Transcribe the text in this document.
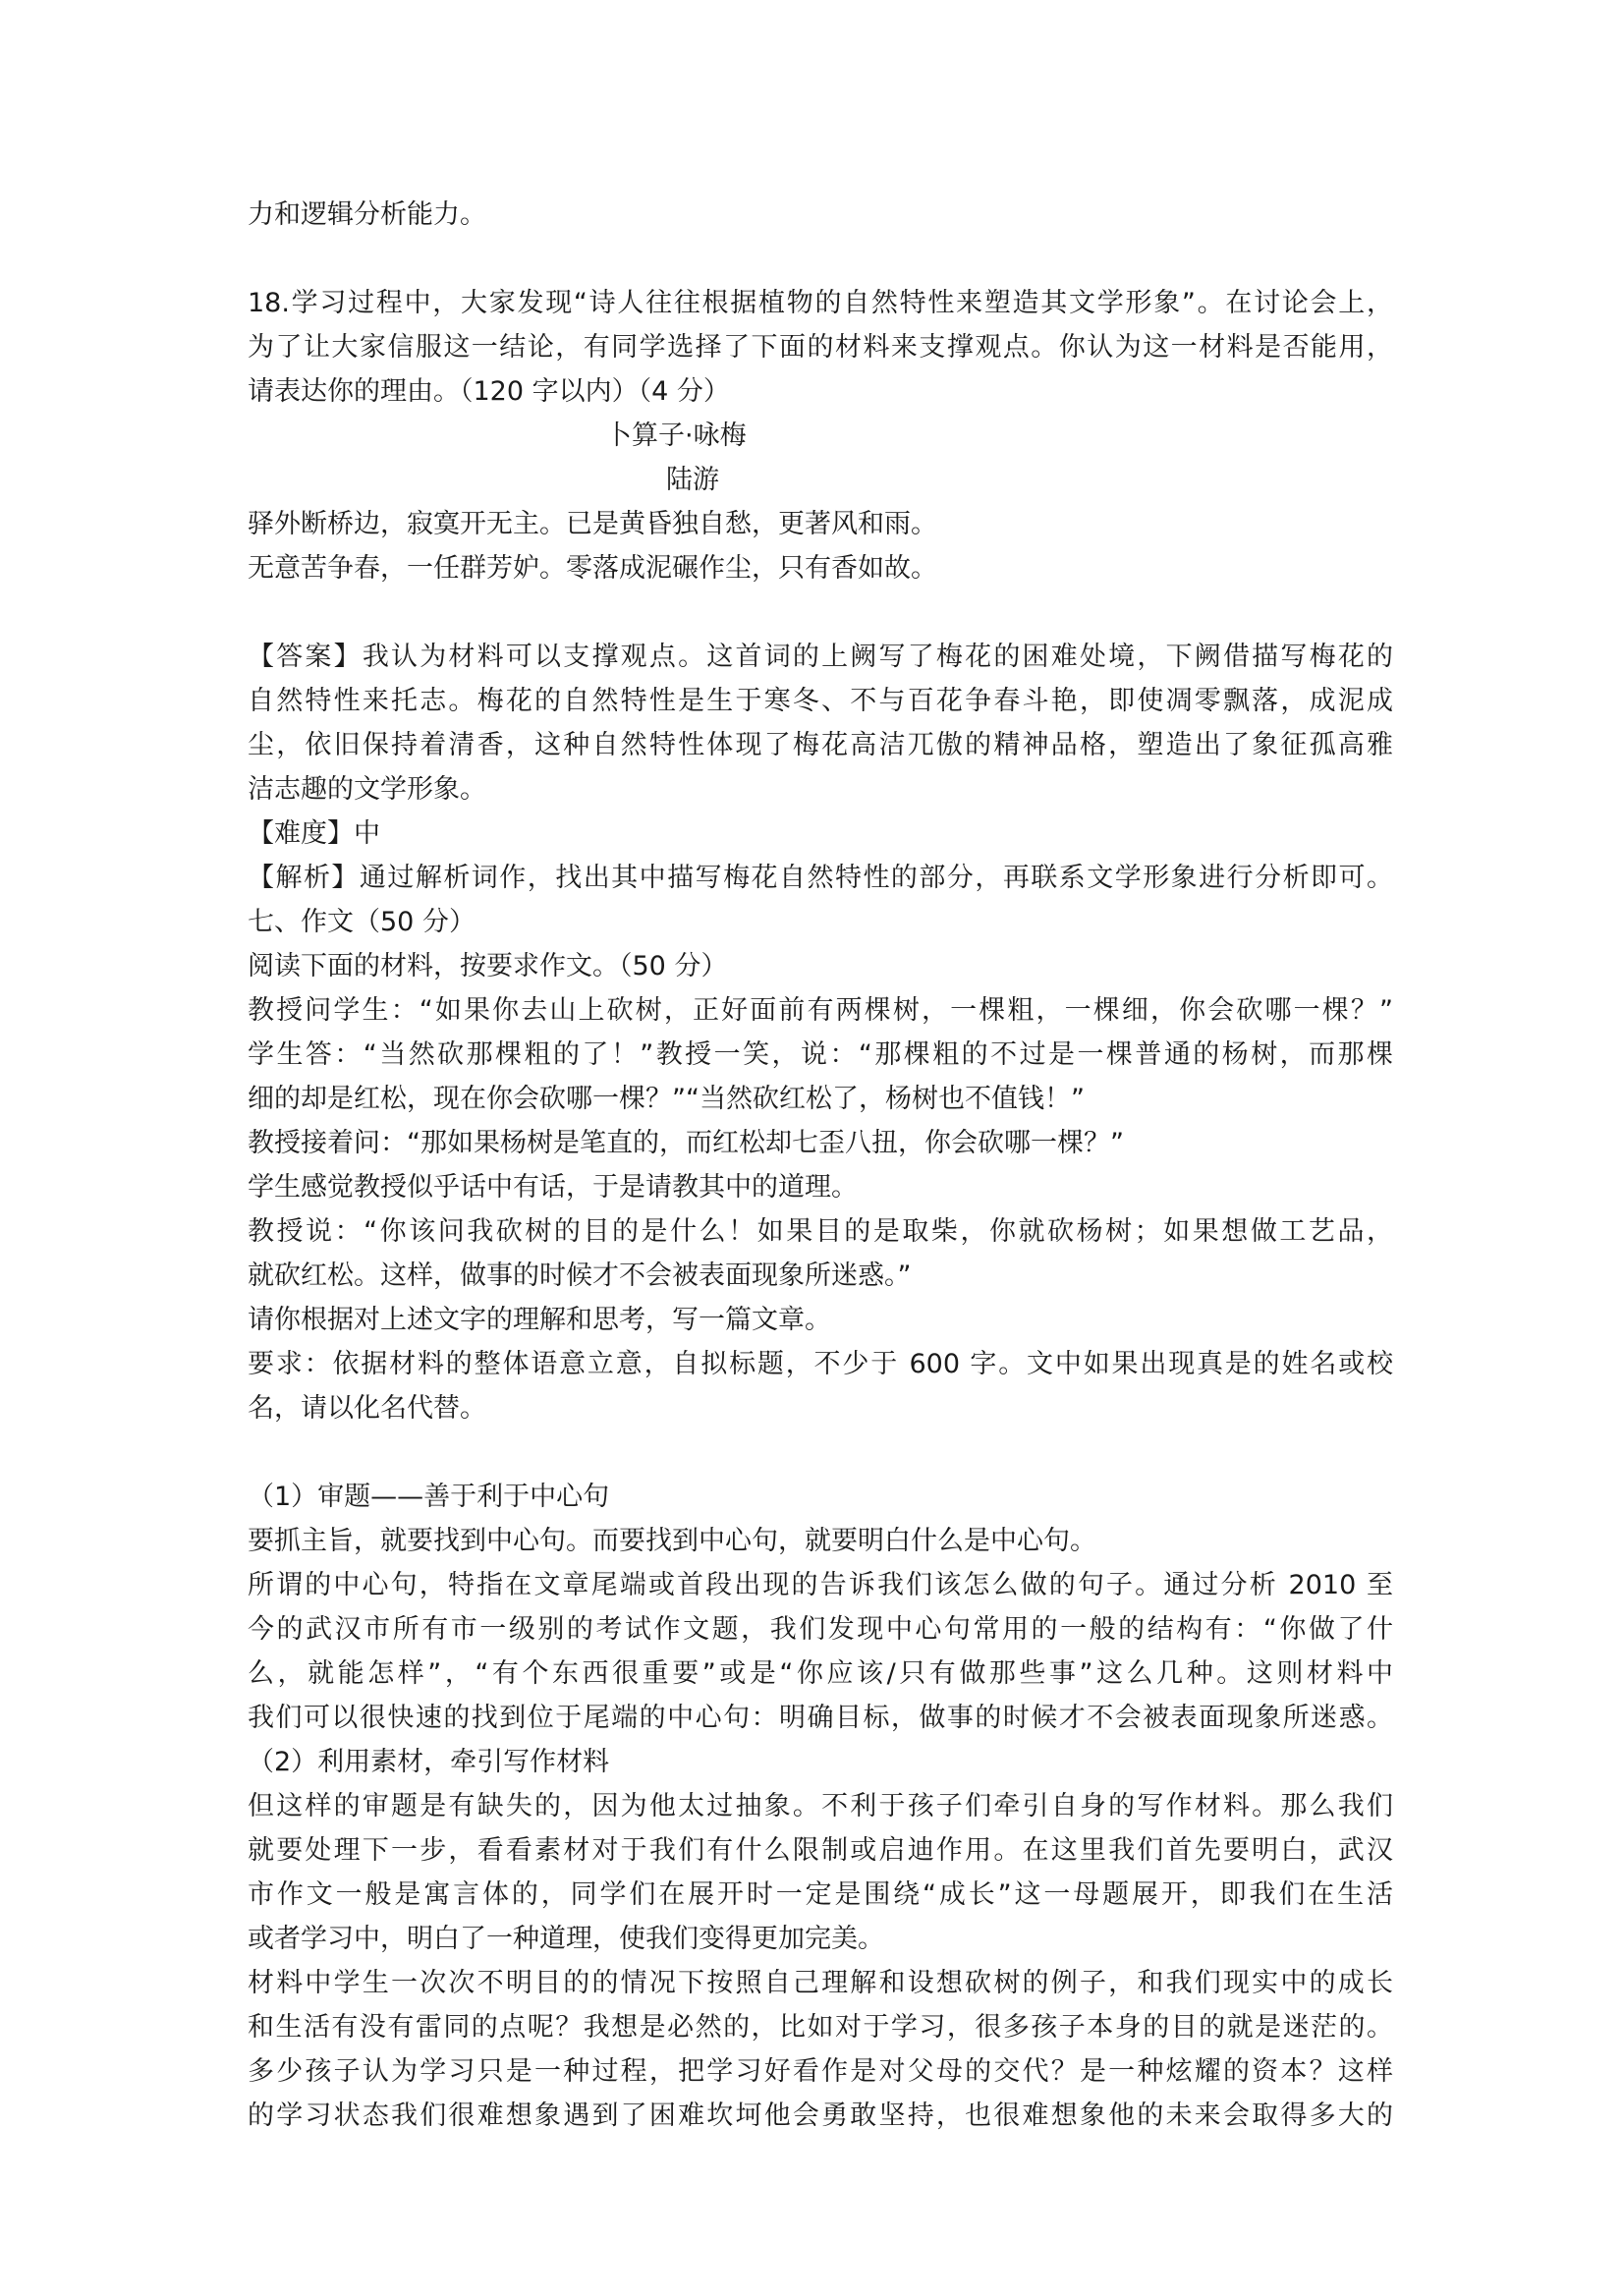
力和逻辑分析能力。
18.学习过程中，大家发现“诗人往往根据植物的自然特性来塑造其文学形象”。在讨论会上，
为了让大家信服这一结论，有同学选择了下面的材料来支撑观点。你认为这一材料是否能用，
请表达你的理由。（120 字以内）（4 分）
卜算子·咏梅
陆游
驿外断桥边，寂寞开无主。已是黄昏独自愁，更著风和雨。
无意苦争春，一任群芳妒。零落成泥碾作尘，只有香如故。
【答案】我认为材料可以支撑观点。这首词的上阙写了梅花的困难处境，下阙借描写梅花的
自然特性来托志。梅花的自然特性是生于寒冬、不与百花争春斗艳，即使凋零飘落，成泥成
尘，依旧保持着清香，这种自然特性体现了梅花高洁兀傲的精神品格，塑造出了象征孤高雅
洁志趣的文学形象。
【难度】中
【解析】通过解析词作，找出其中描写梅花自然特性的部分，再联系文学形象进行分析即可。
七、作文（50 分）
阅读下面的材料，按要求作文。（50 分）
教授问学生：“如果你去山上砍树，正好面前有两棵树，一棵粗，一棵细，你会砍哪一棵？”
学生答：“当然砍那棵粗的了！”教授一笑，说：“那棵粗的不过是一棵普通的杨树，而那棵
细的却是红松，现在你会砍哪一棵？”“当然砍红松了，杨树也不值钱！”
教授接着问：“那如果杨树是笔直的，而红松却七歪八扭，你会砍哪一棵？”
学生感觉教授似乎话中有话，于是请教其中的道理。
教授说：“你该问我砍树的目的是什么！如果目的是取柴，你就砍杨树；如果想做工艺品，
就砍红松。这样，做事的时候才不会被表面现象所迷惑。”
请你根据对上述文字的理解和思考，写一篇文章。
要求：依据材料的整体语意立意，自拟标题，不少于 600 字。文中如果出现真是的姓名或校
名，请以化名代替。
（1）审题——善于利于中心句
要抓主旨，就要找到中心句。而要找到中心句，就要明白什么是中心句。
所谓的中心句，特指在文章尾端或首段出现的告诉我们该怎么做的句子。通过分析 2010 至
今的武汉市所有市一级别的考试作文题，我们发现中心句常用的一般的结构有：“你做了什
么，就能怎样”，“有个东西很重要”或是“你应该/只有做那些事”这么几种。这则材料中
我们可以很快速的找到位于尾端的中心句：明确目标，做事的时候才不会被表面现象所迷惑。
（2）利用素材，牵引写作材料
但这样的审题是有缺失的，因为他太过抽象。不利于孩子们牵引自身的写作材料。那么我们
就要处理下一步，看看素材对于我们有什么限制或启迪作用。在这里我们首先要明白，武汉
市作文一般是寓言体的，同学们在展开时一定是围绕“成长”这一母题展开，即我们在生活
或者学习中，明白了一种道理，使我们变得更加完美。
材料中学生一次次不明目的的情况下按照自己理解和设想砍树的例子，和我们现实中的成长
和生活有没有雷同的点呢？我想是必然的，比如对于学习，很多孩子本身的目的就是迷茫的。
多少孩子认为学习只是一种过程，把学习好看作是对父母的交代？是一种炫耀的资本？这样
的学习状态我们很难想象遇到了困难坎坷他会勇敢坚持，也很难想象他的未来会取得多大的
